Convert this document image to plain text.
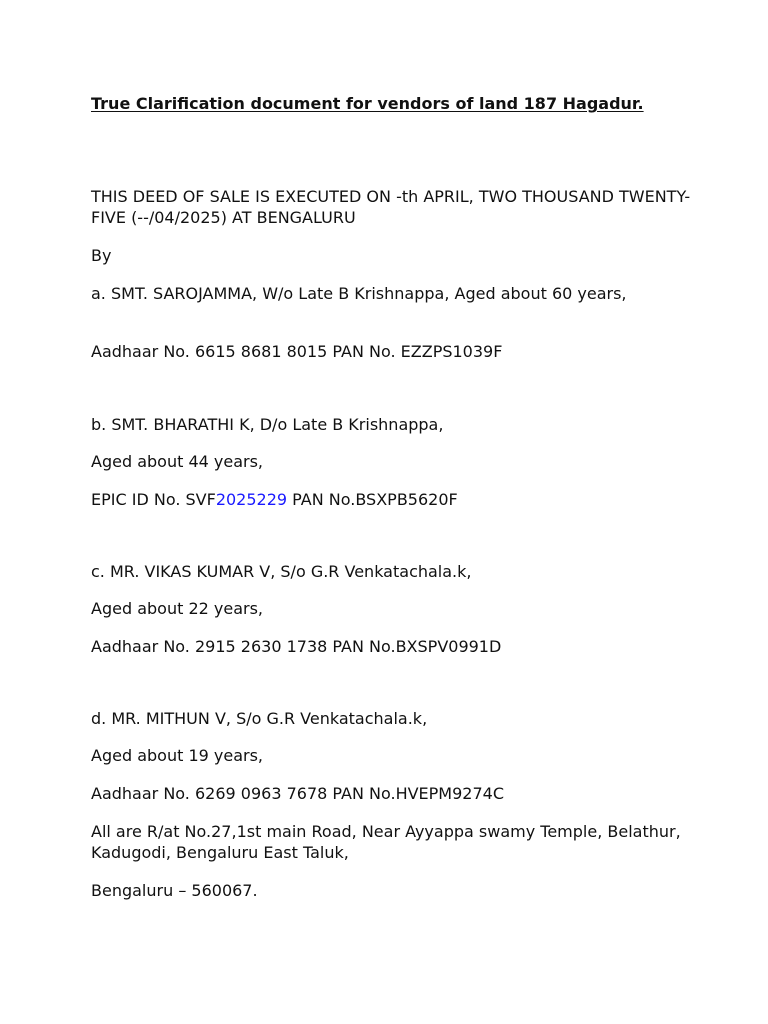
True Clarification document for vendors of land 187 Hagadur.

THIS DEED OF SALE IS EXECUTED ON -th APRIL, TWO THOUSAND TWENTY-FIVE (--/04/2025) AT BENGALURU

By

a. SMT. SAROJAMMA, W/o Late B Krishnappa, Aged about 60 years,

Aadhaar No. 6615 8681 8015 PAN No. EZZPS1039F

b. SMT. BHARATHI K, D/o Late B Krishnappa,

Aged about 44 years,

EPIC ID No. SVF2025229 PAN No.BSXPB5620F

c. MR. VIKAS KUMAR V, S/o G.R Venkatachala.k,

Aged about 22 years,

Aadhaar No. 2915 2630 1738 PAN No.BXSPV0991D

d. MR. MITHUN V, S/o G.R Venkatachala.k,

Aged about 19 years,

Aadhaar No. 6269 0963 7678 PAN No.HVEPM9274C

All are R/at No.27,1st main Road, Near Ayyappa swamy Temple, Belathur, Kadugodi, Bengaluru East Taluk,

Bengaluru – 560067.
